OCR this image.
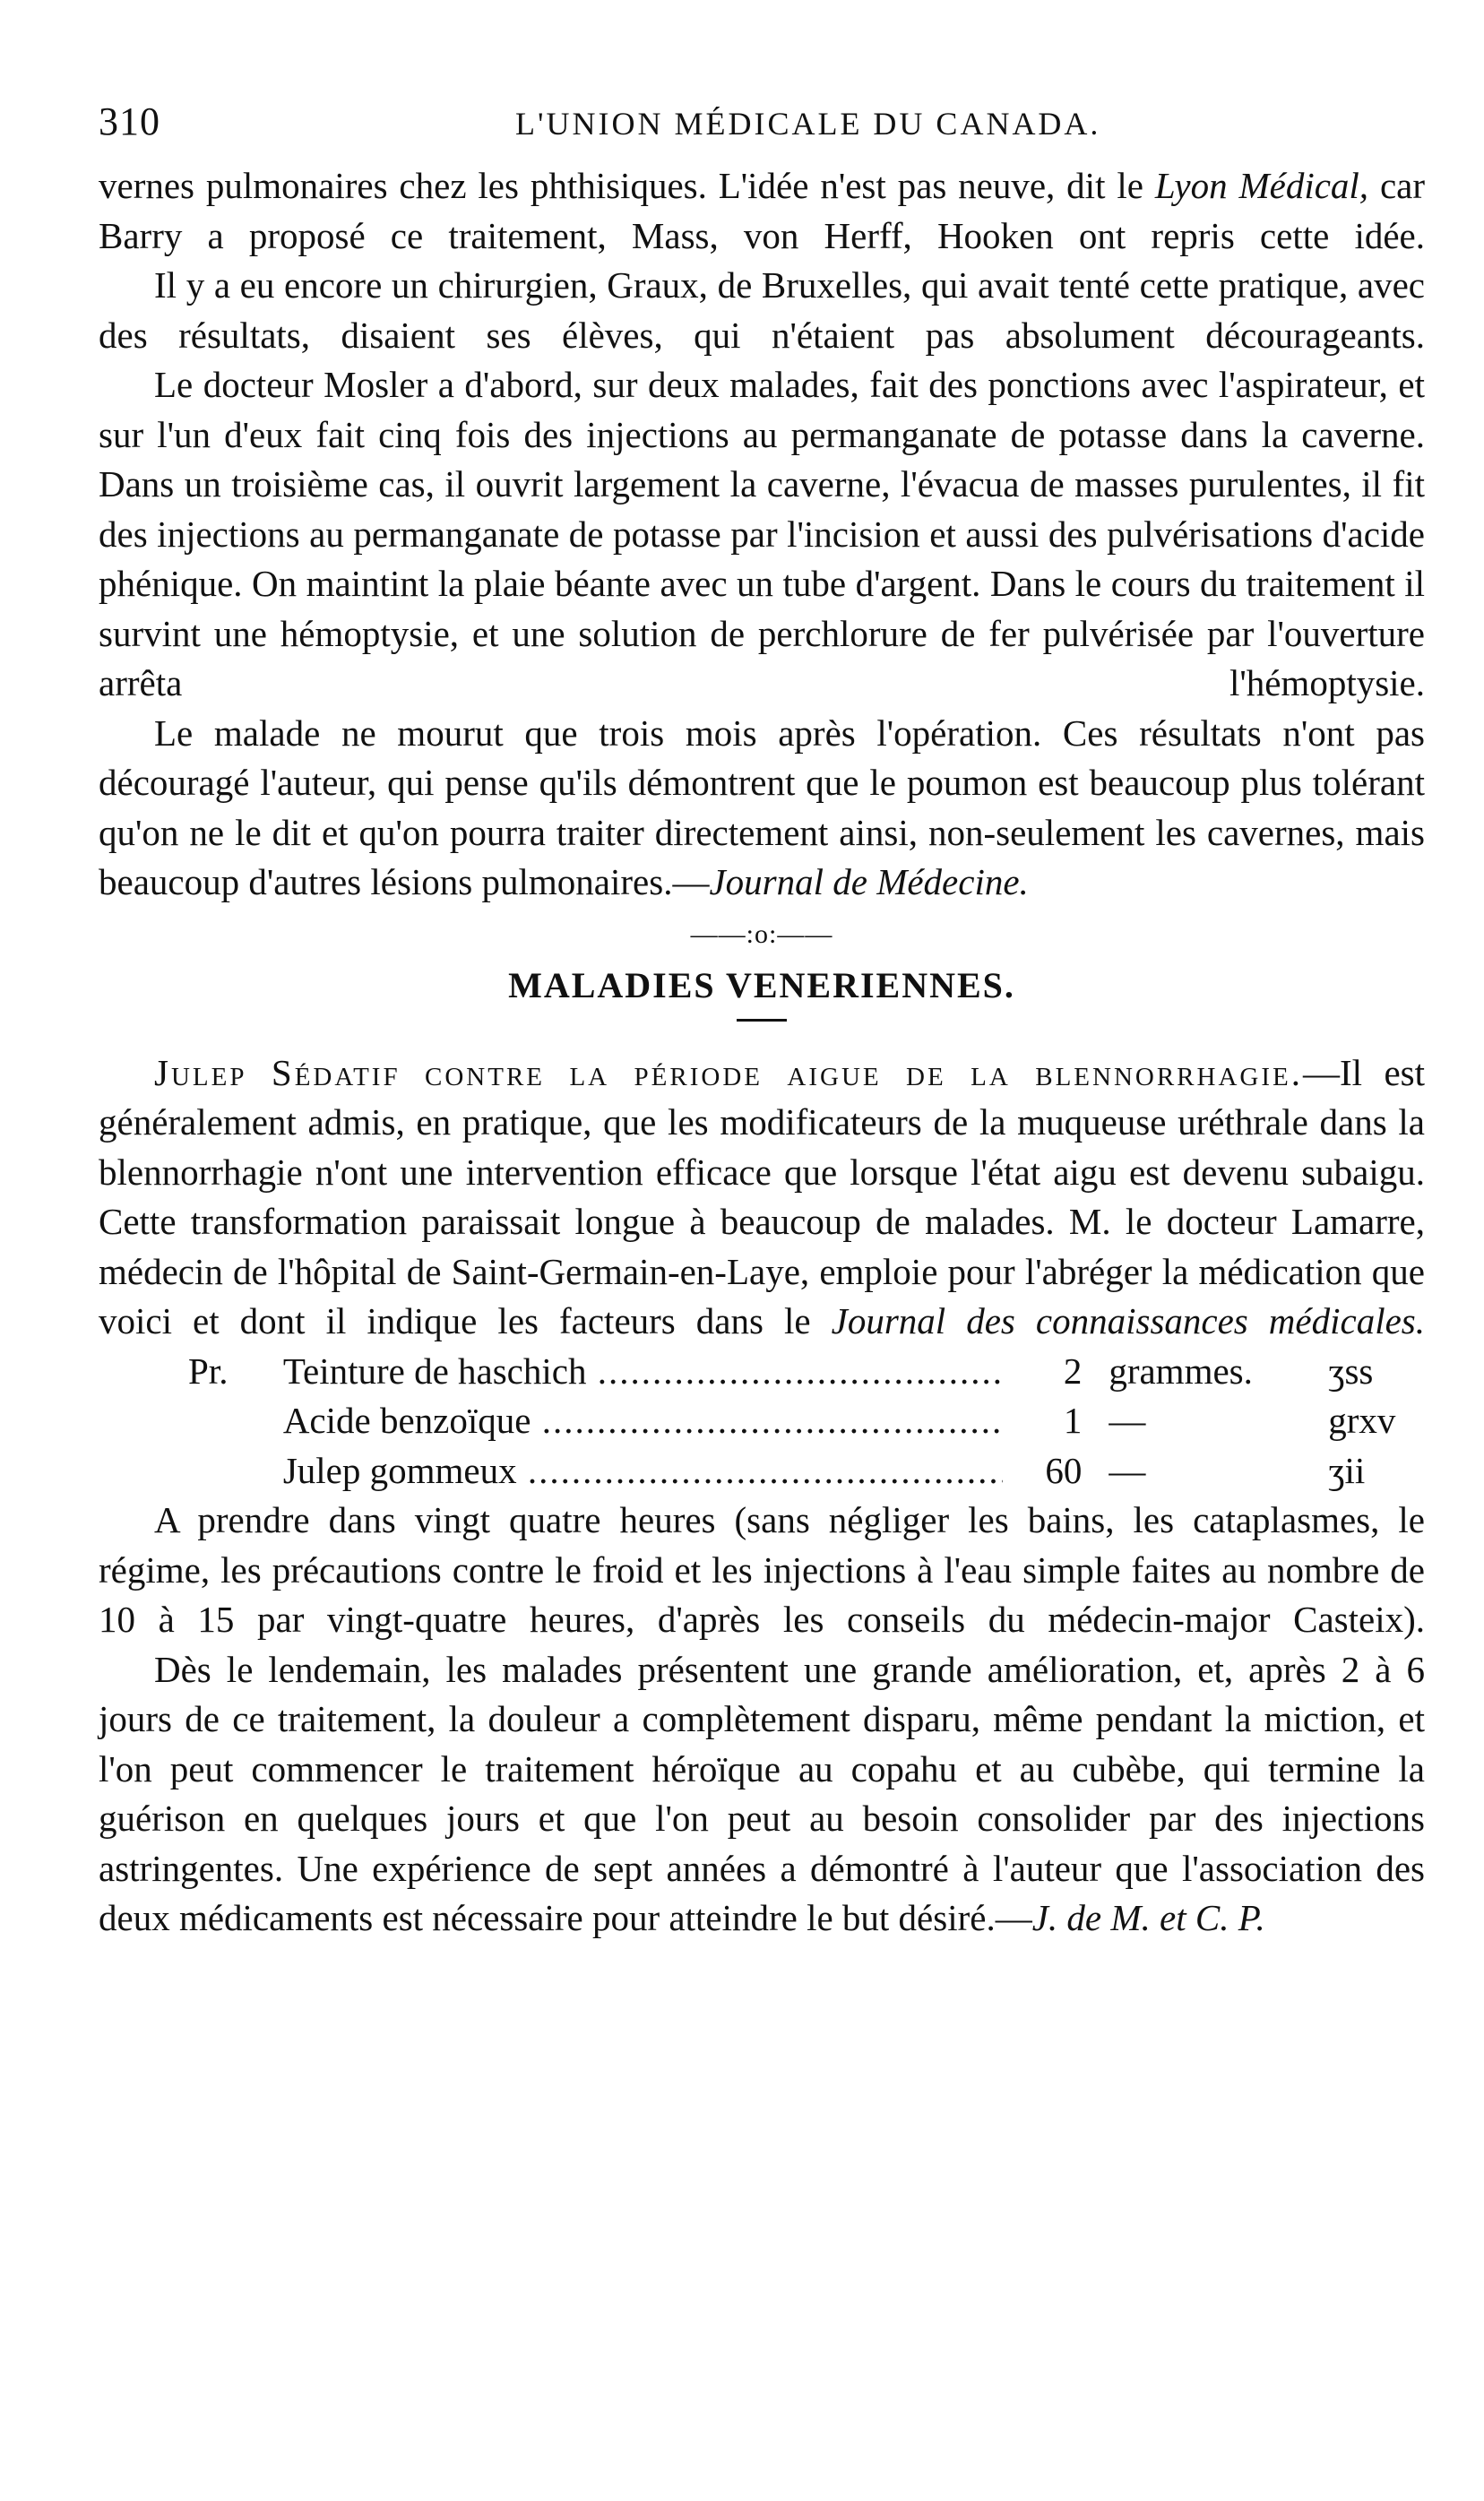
310	L'UNION MÉDICALE DU CANADA.

vernes pulmonaires chez les phthisiques. L'idée n'est pas neuve, dit le Lyon Médical, car Barry a proposé ce traitement, Mass, von Herff, Hooken ont repris cette idée.

Il y a eu encore un chirurgien, Graux, de Bruxelles, qui avait tenté cette pratique, avec des résultats, disaient ses élèves, qui n'étaient pas absolument décourageants.

Le docteur Mosler a d'abord, sur deux malades, fait des ponctions avec l'aspirateur, et sur l'un d'eux fait cinq fois des injections au permanganate de potasse dans la caverne. Dans un troisième cas, il ouvrit largement la caverne, l'évacua de masses purulentes, il fit des injections au permanganate de potasse par l'incision et aussi des pulvérisations d'acide phénique. On maintint la plaie béante avec un tube d'argent. Dans le cours du traitement il survint une hémoptysie, et une solution de perchlorure de fer pulvérisée par l'ouverture arrêta l'hémoptysie.

Le malade ne mourut que trois mois après l'opération. Ces résultats n'ont pas découragé l'auteur, qui pense qu'ils démontrent que le poumon est beaucoup plus tolérant qu'on ne le dit et qu'on pourra traiter directement ainsi, non-seulement les cavernes, mais beaucoup d'autres lésions pulmonaires.—Journal de Médecine.

——:o:——
MALADIES VENERIENNES.

Julep Sédatif contre la période aigue de la blennorrhagie.—Il est généralement admis, en pratique, que les modificateurs de la muqueuse uréthrale dans la blennorrhagie n'ont une intervention efficace que lorsque l'état aigu est devenu subaigu. Cette transformation paraissait longue à beaucoup de malades. M. le docteur Lamarre, médecin de l'hôpital de Saint-Germain-en-Laye, emploie pour l'abréger la médication que voici et dont il indique les facteurs dans le Journal des connaissances médicales.

Pr.	Teinture de haschich .....	2 grammes.	ʒss
Acide benzoïque .....	1 —	grxv
Julep gommeux .....	60 —	ʒii

A prendre dans vingt quatre heures (sans négliger les bains, les cataplasmes, le régime, les précautions contre le froid et les injections à l'eau simple faites au nombre de 10 à 15 par vingt-quatre heures, d'après les conseils du médecin-major Casteix).

Dès le lendemain, les malades présentent une grande amélioration, et, après 2 à 6 jours de ce traitement, la douleur a complètement disparu, même pendant la miction, et l'on peut commencer le traitement héroïque au copahu et au cubèbe, qui termine la guérison en quelques jours et que l'on peut au besoin consolider par des injections astringentes. Une expérience de sept années a démontré à l'auteur que l'association des deux médicaments est nécessaire pour atteindre le but désiré.—J. de M. et C. P.
